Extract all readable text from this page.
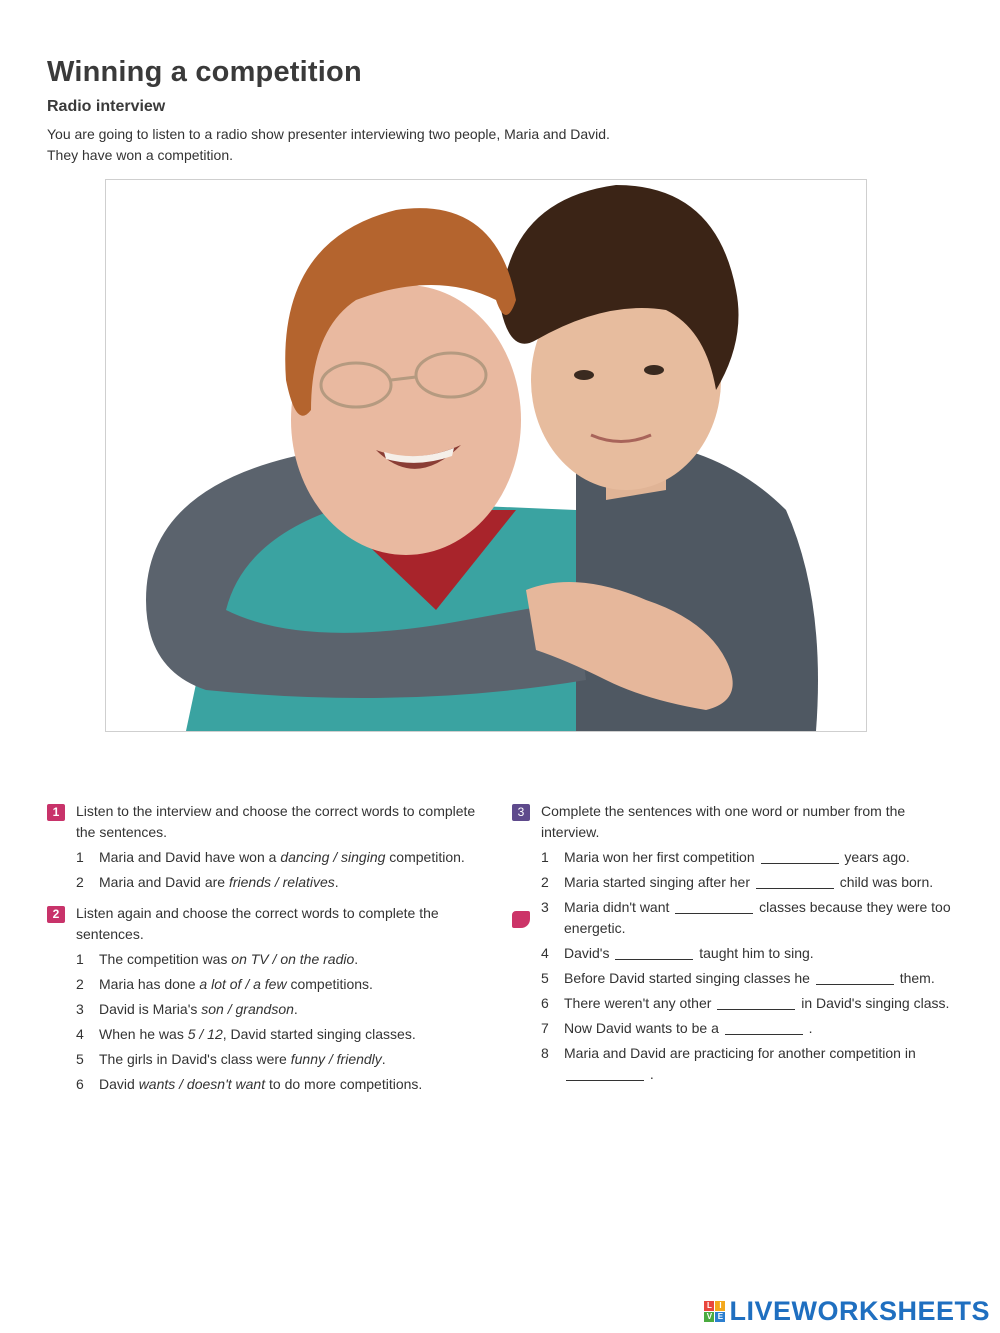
Winning a competition
Radio interview
You are going to listen to a radio show presenter interviewing two people, Maria and David. They have won a competition.
1	Listen to the interview and choose the correct words to complete the sentences.
1 Maria and David have won a dancing / singing competition.
2 Maria and David are friends / relatives.
2	Listen again and choose the correct words to complete the sentences.
1 The competition was on TV / on the radio.
2 Maria has done a lot of / a few competitions.
3 David is Maria's son / grandson.
4 When he was 5 / 12, David started singing classes.
5 The girls in David's class were funny / friendly.
6 David wants / doesn't want to do more competitions.
3	Complete the sentences with one word or number from the interview.
1 Maria won her first competition	years ago.
2 Maria started singing after her	child was born.
3 Maria didn't want	classes because they were too energetic.
4 David's	taught him to sing.
5 Before David started singing classes he	them.
6 There weren't any other	in David's singing class.
7 Now David wants to be a	.
8 Maria and David are practicing for another competition in  .
L I
V E LIVEWORKSHEETS
